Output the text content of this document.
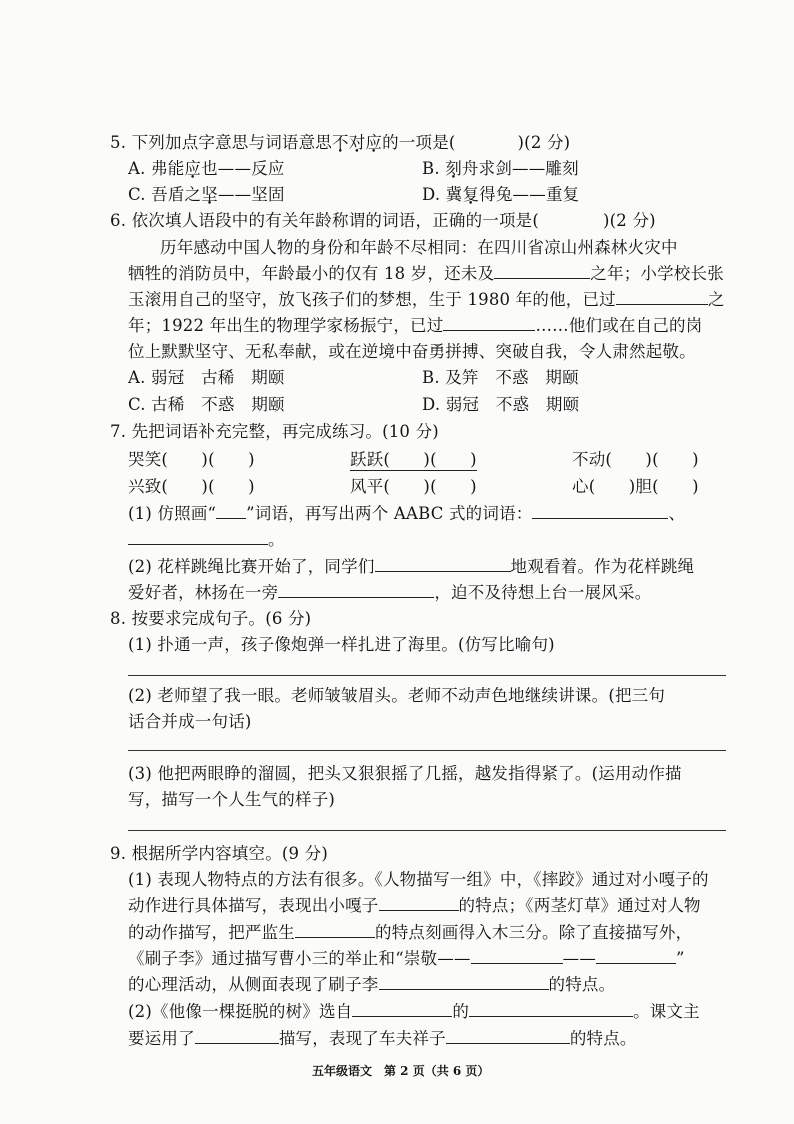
5. 下列加点字意思与词语意思不对应的一项是(	)(2 分)
A. 弗能应也——反应	B. 刻舟求剑——雕刻
C. 吾盾之坚——坚固	D. 冀复得兔——重复
6. 依次填人语段中的有关年龄称谓的词语，正确的一项是(	)(2 分)
历年感动中国人物的身份和年龄不尽相同：在四川省凉山州森林火灾中
牺牲的消防员中，年龄最小的仅有 18 岁，还未及	之年；小学校长张
玉滚用自己的坚守，放飞孩子们的梦想，生于 1980 年的他，已过	之
年；1922 年出生的物理学家杨振宁，已过	……他们或在自己的岗
位上默默坚守、无私奉献，或在逆境中奋勇拼搏、突破自我，令人肃然起敬。
A. 弱冠　古稀　期颐	B. 及笄　不惑　期颐
C. 古稀　不惑　期颐	D. 弱冠　不惑　期颐
7. 先把词语补充完整，再完成练习。(10 分)
哭笑(　　)(　　)	跃跃(　　)(　　)	不动(　　)(　　)
兴致(　　)(　　)	风平(　　)(　　)	心(　　)胆(　　)
(1) 仿照画“ ”词语，再写出两个 AABC 式的词语：	、
。
(2) 花样跳绳比赛开始了，同学们	地观看着。作为花样跳绳
爱好者，林扬在一旁	，迫不及待想上台一展风采。
8. 按要求完成句子。(6 分)
(1) 扑通一声，孩子像炮弹一样扎进了海里。(仿写比喻句)
(2) 老师望了我一眼。老师皱皱眉头。老师不动声色地继续讲课。(把三句
话合并成一句话)
(3) 他把两眼睁的溜圆，把头又狠狠摇了几摇，越发指得紧了。(运用动作描
写，描写一个人生气的样子)
9. 根据所学内容填空。(9 分)
(1) 表现人物特点的方法有很多。《人物描写一组》中，《摔跤》通过对小嘎子的
动作进行具体描写，表现出小嘎子	的特点；《两茎灯草》通过对人物
的动作描写，把严监生	的特点刻画得入木三分。除了直接描写外，
《刷子李》通过描写曹小三的举止和“崇敬——	——	”
的心理活动，从侧面表现了刷子李	的特点。
(2)《他像一棵挺脱的树》选自	的	。课文主
要运用了	描写，表现了车夫祥子	的特点。
五年级语文　第 2 页（共 6 页）
